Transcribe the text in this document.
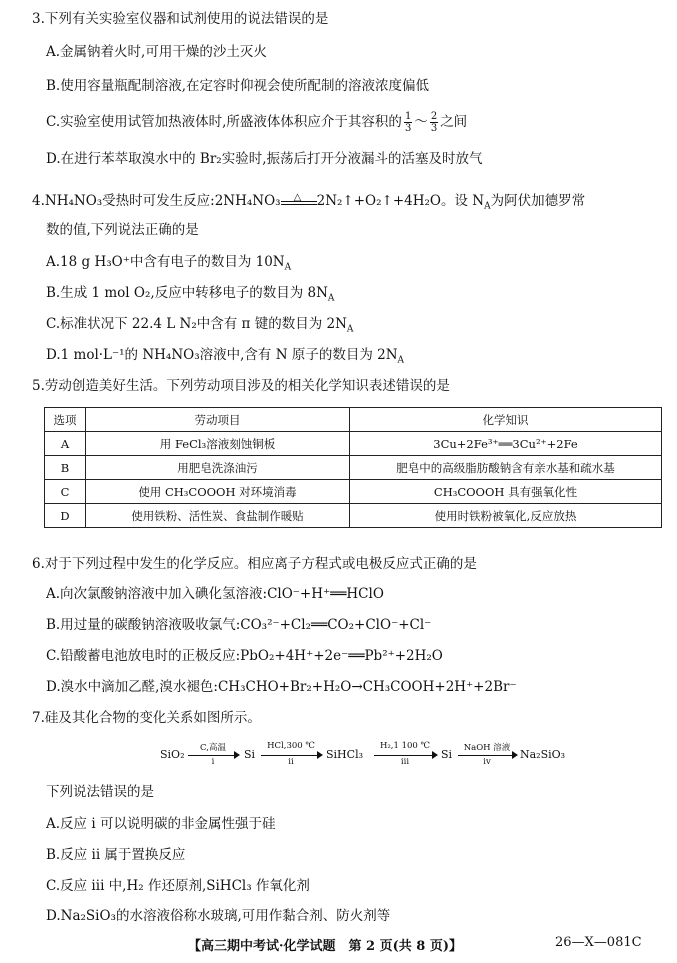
3.下列有关实验室仪器和试剂使用的说法错误的是
A.金属钠着火时,可用干燥的沙土灭火
B.使用容量瓶配制溶液,在定容时仰视会使所配制的溶液浓度偏低
C.实验室使用试管加热液体时,所盛液体体积应介于其容积的 $\frac{1}{3}$ ～ $\frac{2}{3}$ 之间
D.在进行苯萃取溴水中的 Br₂实验时,振荡后打开分液漏斗的活塞及时放气
4.NH₄NO₃受热时可发生反应:2NH₄NO₃ △ 2N₂↑+O₂↑+4H₂O。设 $N_A$为阿伏加德罗常
数的值,下列说法正确的是
A.18 g H₃O⁺中含有电子的数目为 $10N_A$
B.生成 1 mol O₂,反应中转移电子的数目为 $8N_A$
C.标准状况下 22.4 L N₂中含有 π 键的数目为 $2N_A$
D.1 mol·L⁻¹的 NH₄NO₃溶液中,含有 N 原子的数目为 $2N_A$
5.劳动创造美好生活。下列劳动项目涉及的相关化学知识表述错误的是
选项	劳动项目	化学知识
A	用 FeCl₃溶液刻蚀铜板	3Cu+2Fe³⁺══3Cu²⁺+2Fe
B	用肥皂洗涤油污	肥皂中的高级脂肪酸钠含有亲水基和疏水基
C	使用 CH₃COOOH 对环境消毒	CH₃COOOH 具有强氧化性
D	使用铁粉、活性炭、食盐制作暖贴	使用时铁粉被氧化,反应放热
6.对于下列过程中发生的化学反应。相应离子方程式或电极反应式正确的是
A.向次氯酸钠溶液中加入碘化氢溶液:ClO⁻+H⁺══HClO
B.用过量的碳酸钠溶液吸收氯气:CO₃²⁻+Cl₂══CO₂+ClO⁻+Cl⁻
C.铅酸蓄电池放电时的正极反应:PbO₂+4H⁺+2e⁻══Pb²⁺+2H₂O
D.溴水中滴加乙醛,溴水褪色:CH₃CHO+Br₂+H₂O→CH₃COOH+2H⁺+2Br⁻
7.硅及其化合物的变化关系如图所示。
SiO₂	C,高温
i
Si
HCl,300 ℃
ii
SiHCl₃
H₂,1 100 ℃
iii
Si	NaOH 溶液
iv
Na₂SiO₃
下列说法错误的是
A.反应 i 可以说明碳的非金属性强于硅
B.反应 ii 属于置换反应
C.反应 iii 中,H₂ 作还原剂,SiHCl₃ 作氧化剂
D.Na₂SiO₃的水溶液俗称水玻璃,可用作黏合剂、防火剂等
【高三期中考试·化学试题　第 2 页(共 8 页)】	26—X—081C
